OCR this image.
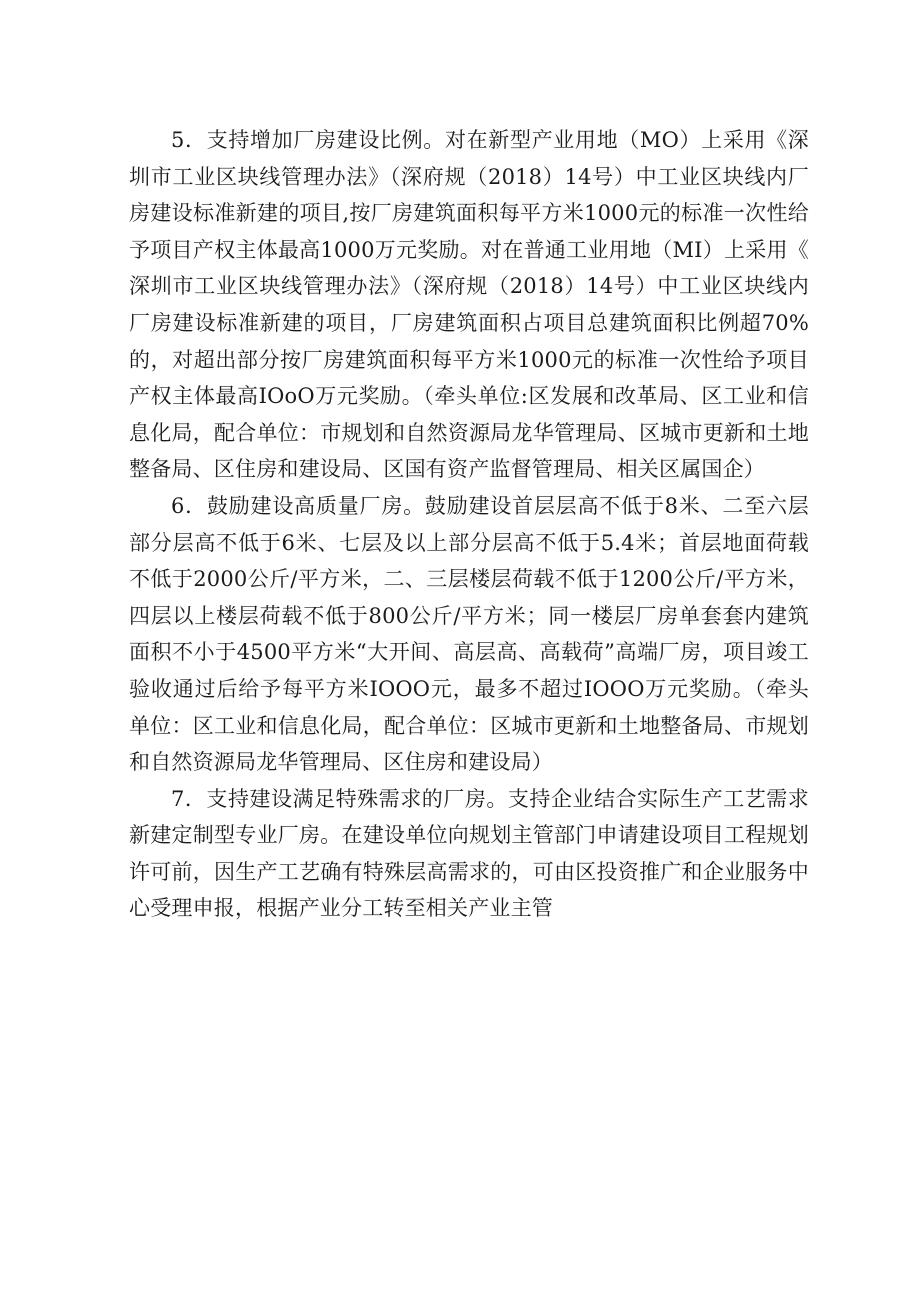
5．支持增加厂房建设比例。对在新型产业用地（MO）上采用《深圳市工业区块线管理办法》（深府规（2018）14号）中工业区块线内厂房建设标准新建的项目,按厂房建筑面积每平方米1000元的标准一次性给予项目产权主体最高1000万元奖励。对在普通工业用地（MI）上采用《深圳市工业区块线管理办法》（深府规（2018）14号）中工业区块线内厂房建设标准新建的项目，厂房建筑面积占项目总建筑面积比例超70%的，对超出部分按厂房建筑面积每平方米1000元的标准一次性给予项目产权主体最高IOoO万元奖励。（牵头单位:区发展和改革局、区工业和信息化局，配合单位：市规划和自然资源局龙华管理局、区城市更新和土地整备局、区住房和建设局、区国有资产监督管理局、相关区属国企）

6．鼓励建设高质量厂房。鼓励建设首层层高不低于8米、二至六层部分层高不低于6米、七层及以上部分层高不低于5.4米；首层地面荷载不低于2000公斤/平方米，二、三层楼层荷载不低于1200公斤/平方米，四层以上楼层荷载不低于800公斤/平方米；同一楼层厂房单套套内建筑面积不小于4500平方米“大开间、高层高、高载荷”高端厂房，项目竣工验收通过后给予每平方米IOOO元，最多不超过IOOO万元奖励。（牵头单位：区工业和信息化局，配合单位：区城市更新和土地整备局、市规划和自然资源局龙华管理局、区住房和建设局）

7．支持建设满足特殊需求的厂房。支持企业结合实际生产工艺需求新建定制型专业厂房。在建设单位向规划主管部门申请建设项目工程规划许可前，因生产工艺确有特殊层高需求的，可由区投资推广和企业服务中心受理申报，根据产业分工转至相关产业主管
